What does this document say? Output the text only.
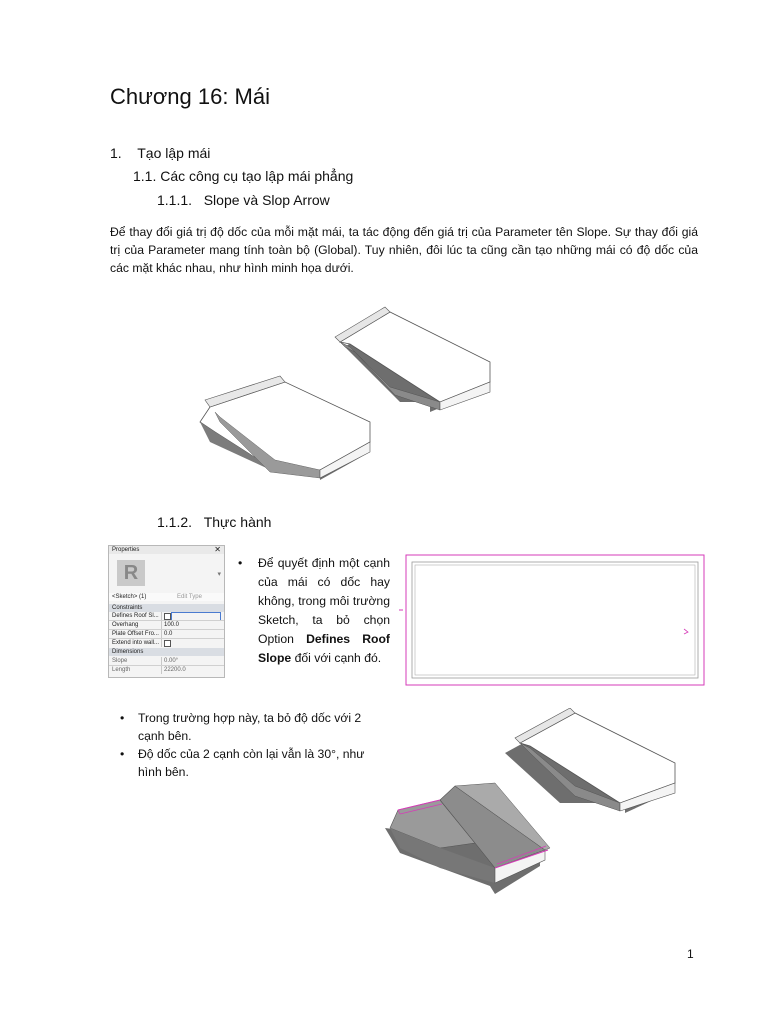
Chương 16: Mái
1. Tạo lập mái
1.1. Các công cụ tạo lập mái phẳng
1.1.1. Slope và Slop Arrow
Để thay đổi giá trị độ dốc của mỗi mặt mái, ta tác động đến giá trị của Parameter tên Slope. Sự thay đổi giá trị của Parameter mang tính toàn bộ (Global). Tuy nhiên, đôi lúc ta cũng cần tạo những mái có độ dốc của các mặt khác nhau, như hình minh họa dưới.
1.1.2. Thực hành
Properties	✕
R	▾
<Sketch> (1)	Edit Type
Constraints
Defines Roof Sl...
Overhang	100.0
Plate Offset Fro... 0.0
Extend into wall...
Dimensions
Slope	0.00°
Length	22200.0
•	Để quyết định một cạnh của mái có dốc hay không, trong môi trường Sketch, ta bỏ chọn Option Defines Roof Slope đối với cạnh đó.
• Trong trường hợp này, ta bỏ độ dốc với 2 cạnh bên.
• Độ dốc của 2 cạnh còn lại vẫn là 30°, như hình bên.
1
